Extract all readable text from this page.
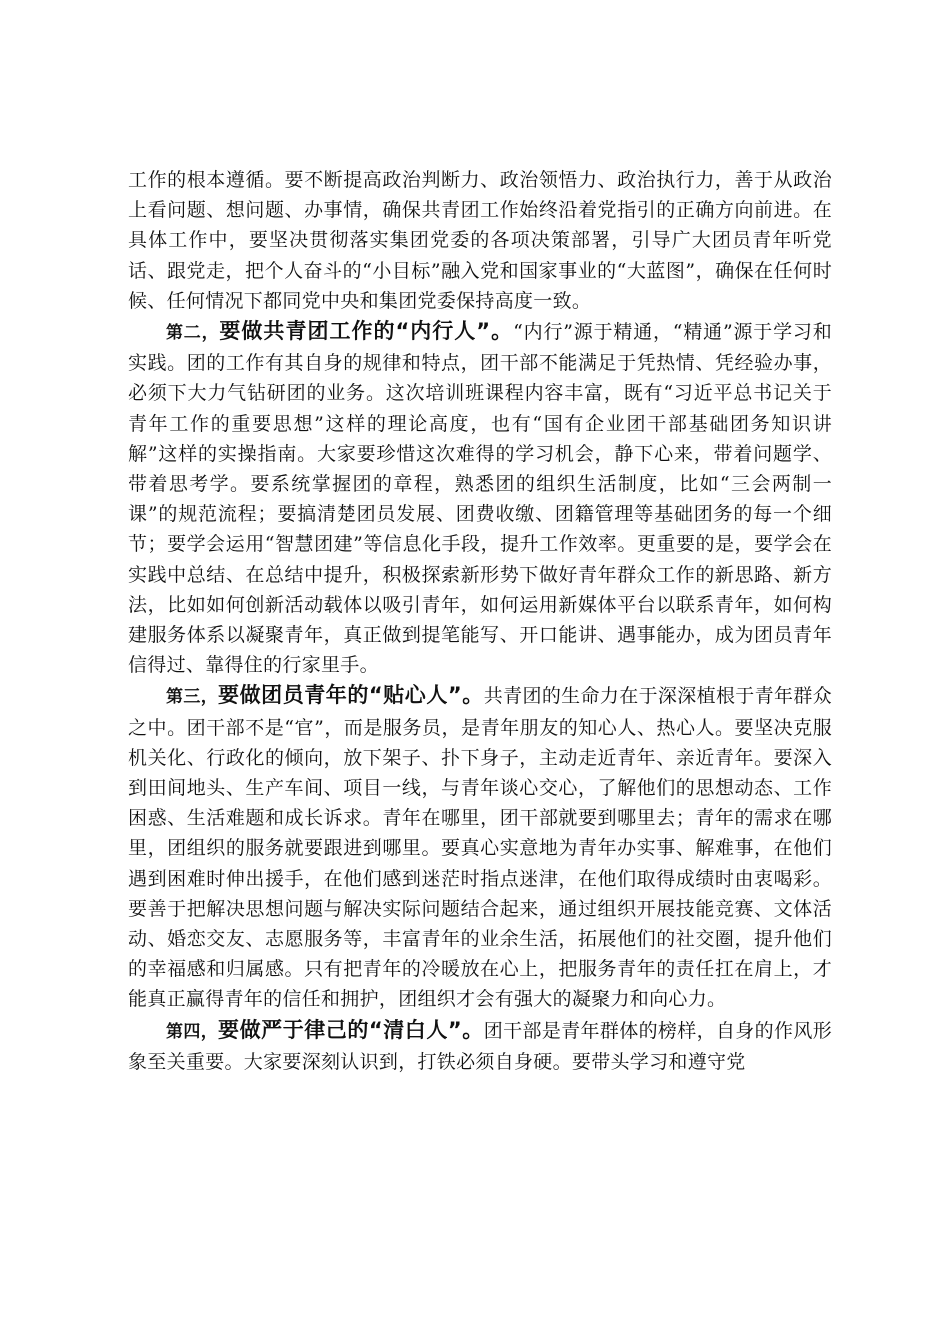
工作的根本遵循。要不断提高政治判断力、政治领悟力、政治执行力，善于从政治上看问题、想问题、办事情，确保共青团工作始终沿着党指引的正确方向前进。在具体工作中，要坚决贯彻落实集团党委的各项决策部署，引导广大团员青年听党话、跟党走，把个人奋斗的“小目标”融入党和国家事业的“大蓝图”，确保在任何时候、任何情况下都同党中央和集团党委保持高度一致。

第二，要做共青团工作的“内行人”。“内行”源于精通，“精通”源于学习和实践。团的工作有其自身的规律和特点，团干部不能满足于凭热情、凭经验办事，必须下大力气钻研团的业务。这次培训班课程内容丰富，既有“习近平总书记关于青年工作的重要思想”这样的理论高度，也有“国有企业团干部基础团务知识讲解”这样的实操指南。大家要珍惜这次难得的学习机会，静下心来，带着问题学、带着思考学。要系统掌握团的章程，熟悉团的组织生活制度，比如“三会两制一课”的规范流程；要搞清楚团员发展、团费收缴、团籍管理等基础团务的每一个细节；要学会运用“智慧团建”等信息化手段，提升工作效率。更重要的是，要学会在实践中总结、在总结中提升，积极探索新形势下做好青年群众工作的新思路、新方法，比如如何创新活动载体以吸引青年，如何运用新媒体平台以联系青年，如何构建服务体系以凝聚青年，真正做到提笔能写、开口能讲、遇事能办，成为团员青年信得过、靠得住的行家里手。

第三，要做团员青年的“贴心人”。共青团的生命力在于深深植根于青年群众之中。团干部不是“官”，而是服务员，是青年朋友的知心人、热心人。要坚决克服机关化、行政化的倾向，放下架子、扑下身子，主动走近青年、亲近青年。要深入到田间地头、生产车间、项目一线，与青年谈心交心，了解他们的思想动态、工作困惑、生活难题和成长诉求。青年在哪里，团干部就要到哪里去；青年的需求在哪里，团组织的服务就要跟进到哪里。要真心实意地为青年办实事、解难事，在他们遇到困难时伸出援手，在他们感到迷茫时指点迷津，在他们取得成绩时由衷喝彩。要善于把解决思想问题与解决实际问题结合起来，通过组织开展技能竞赛、文体活动、婚恋交友、志愿服务等，丰富青年的业余生活，拓展他们的社交圈，提升他们的幸福感和归属感。只有把青年的冷暖放在心上，把服务青年的责任扛在肩上，才能真正赢得青年的信任和拥护，团组织才会有强大的凝聚力和向心力。

第四，要做严于律己的“清白人”。团干部是青年群体的榜样，自身的作风形象至关重要。大家要深刻认识到，打铁必须自身硬。要带头学习和遵守党
